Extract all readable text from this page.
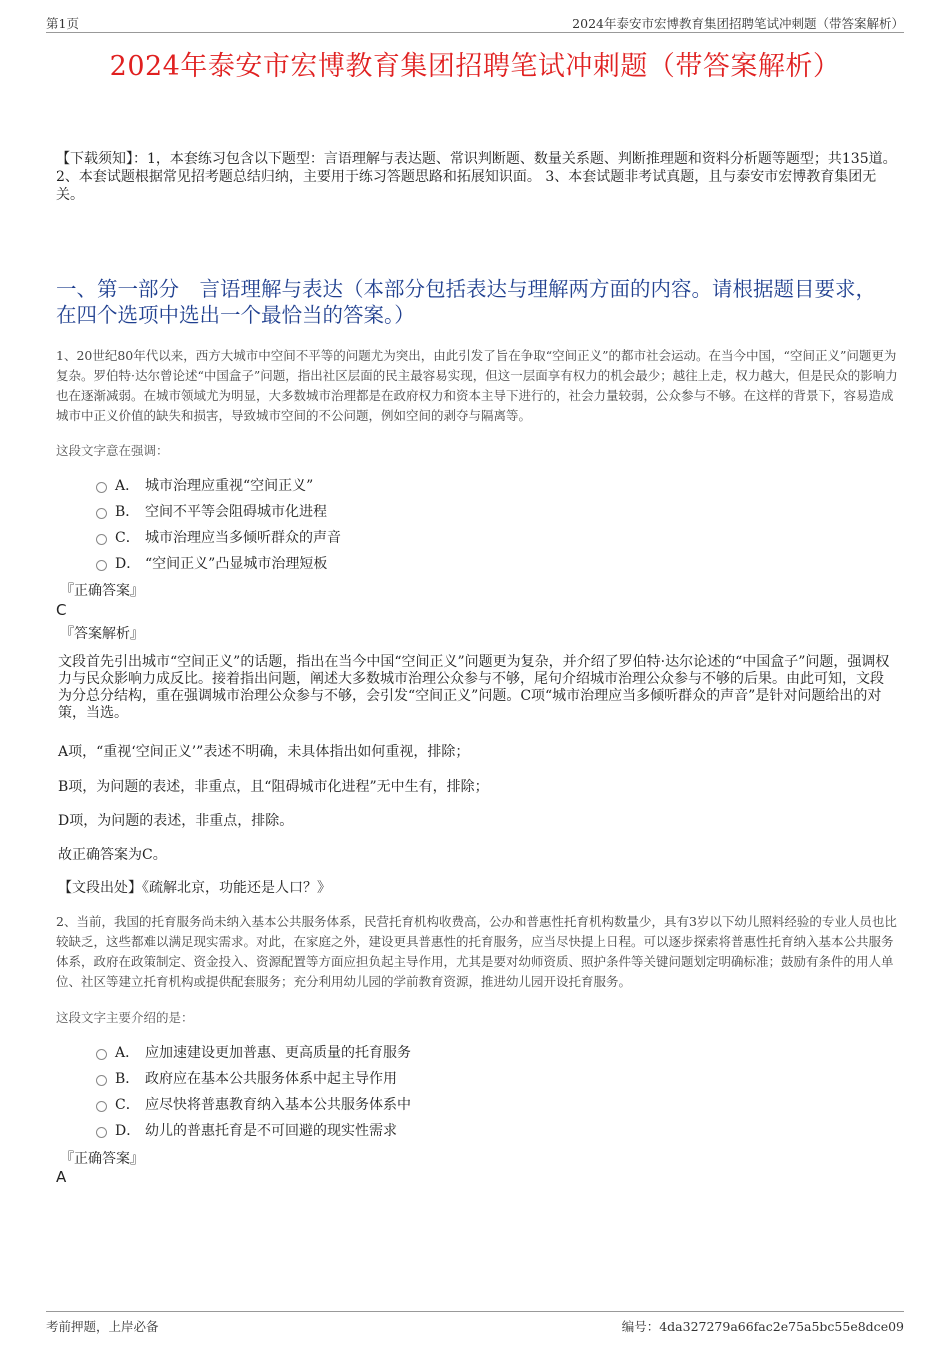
第1页	2024年泰安市宏博教育集团招聘笔试冲刺题（带答案解析）
2024年泰安市宏博教育集团招聘笔试冲刺题（带答案解析）
【下载须知】：1，本套练习包含以下题型：言语理解与表达题、常识判断题、数量关系题、判断推理题和资料分析题等题型；共135道。 2、本套试题根据常见招考题总结归纳，主要用于练习答题思路和拓展知识面。 3、本套试题非考试真题，且与泰安市宏博教育集团无关。
一、第一部分　言语理解与表达（本部分包括表达与理解两方面的内容。请根据题目要求，在四个选项中选出一个最恰当的答案。）
1、20世纪80年代以来，西方大城市中空间不平等的问题尤为突出，由此引发了旨在争取“空间正义”的都市社会运动。在当今中国，“空间正义”问题更为复杂。罗伯特·达尔曾论述“中国盒子”问题，指出社区层面的民主最容易实现，但这一层面享有权力的机会最少；越往上走，权力越大，但是民众的影响力也在逐渐减弱。在城市领域尤为明显，大多数城市治理都是在政府权力和资本主导下进行的，社会力量较弱，公众参与不够。在这样的背景下，容易造成城市中正义价值的缺失和损害，导致城市空间的不公问题，例如空间的剥夺与隔离等。
这段文字意在强调：
A． 城市治理应重视“空间正义”
B． 空间不平等会阻碍城市化进程
C． 城市治理应当多倾听群众的声音
D． “空间正义”凸显城市治理短板
『正确答案』
C
『答案解析』
文段首先引出城市“空间正义”的话题，指出在当今中国“空间正义”问题更为复杂，并介绍了罗伯特·达尔论述的“中国盒子”问题，强调权力与民众影响力成反比。接着指出问题，阐述大多数城市治理公众参与不够，尾句介绍城市治理公众参与不够的后果。由此可知，文段为分总分结构，重在强调城市治理公众参与不够，会引发“空间正义”问题。C项“城市治理应当多倾听群众的声音”是针对问题给出的对策，当选。
A项，“重视‘空间正义’”表述不明确，未具体指出如何重视，排除；
B项，为问题的表述，非重点，且“阻碍城市化进程”无中生有，排除；
D项，为问题的表述，非重点，排除。
故正确答案为C。
【文段出处】《疏解北京，功能还是人口？》
2、当前，我国的托育服务尚未纳入基本公共服务体系，民营托育机构收费高，公办和普惠性托育机构数量少，具有3岁以下幼儿照料经验的专业人员也比较缺乏，这些都难以满足现实需求。对此，在家庭之外，建设更具普惠性的托育服务，应当尽快提上日程。可以逐步探索将普惠性托育纳入基本公共服务体系，政府在政策制定、资金投入、资源配置等方面应担负起主导作用，尤其是要对幼师资质、照护条件等关键问题划定明确标准；鼓励有条件的用人单位、社区等建立托育机构或提供配套服务；充分利用幼儿园的学前教育资源，推进幼儿园开设托育服务。
这段文字主要介绍的是：
A． 应加速建设更加普惠、更高质量的托育服务
B． 政府应在基本公共服务体系中起主导作用
C． 应尽快将普惠教育纳入基本公共服务体系中
D． 幼儿的普惠托育是不可回避的现实性需求
『正确答案』
A
考前押题，上岸必备	编号：4da327279a66fac2e75a5bc55e8dce09
